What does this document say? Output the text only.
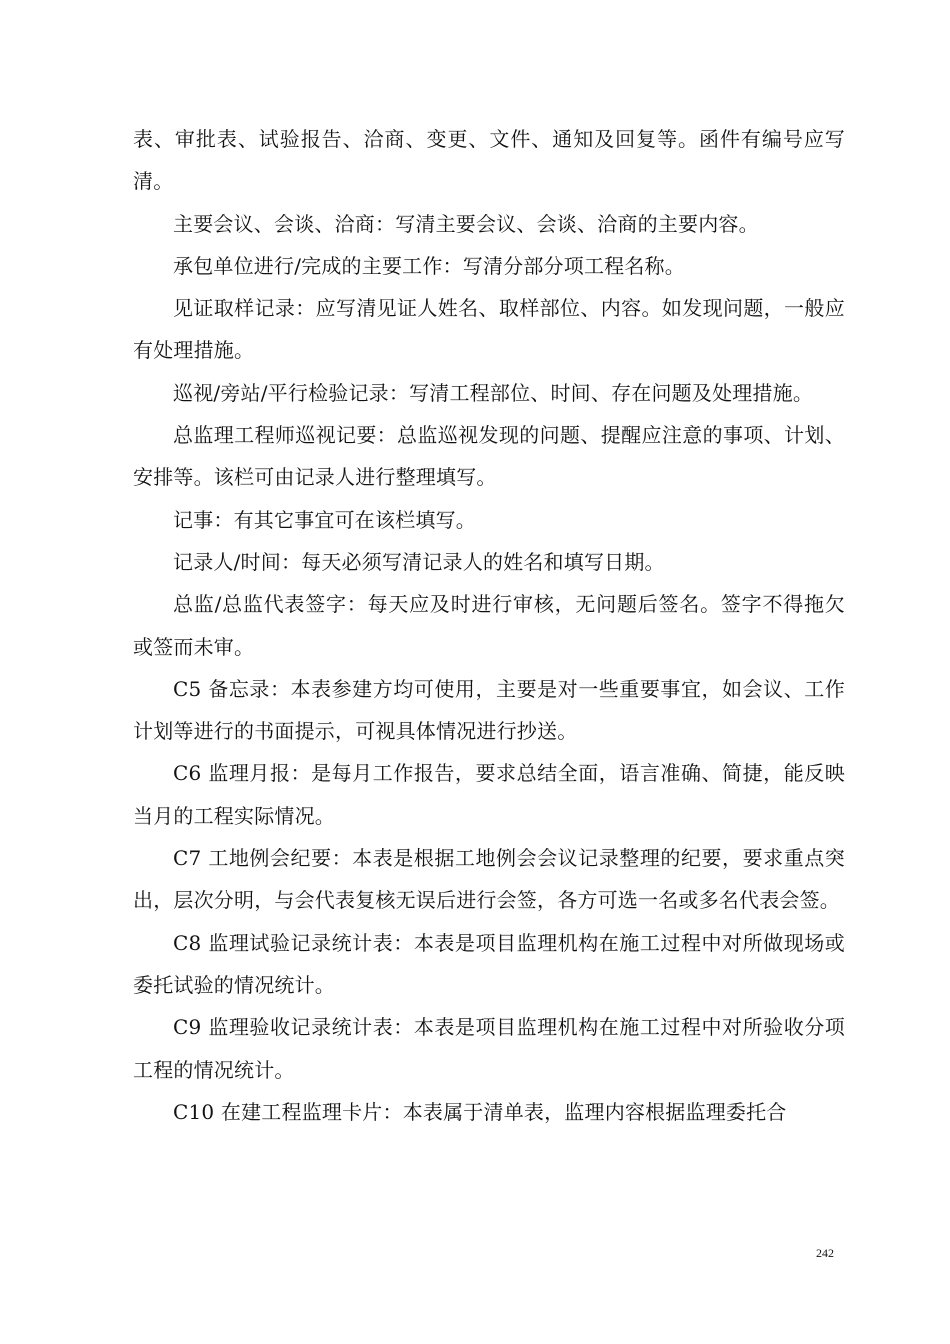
表、审批表、试验报告、洽商、变更、文件、通知及回复等。函件有编号应写清。

主要会议、会谈、洽商：写清主要会议、会谈、洽商的主要内容。

承包单位进行/完成的主要工作：写清分部分项工程名称。

见证取样记录：应写清见证人姓名、取样部位、内容。如发现问题，一般应有处理措施。

巡视/旁站/平行检验记录：写清工程部位、时间、存在问题及处理措施。

总监理工程师巡视记要：总监巡视发现的问题、提醒应注意的事项、计划、安排等。该栏可由记录人进行整理填写。

记事：有其它事宜可在该栏填写。

记录人/时间：每天必须写清记录人的姓名和填写日期。

总监/总监代表签字：每天应及时进行审核，无问题后签名。签字不得拖欠或签而未审。

C5 备忘录：本表参建方均可使用，主要是对一些重要事宜，如会议、工作计划等进行的书面提示，可视具体情况进行抄送。

C6 监理月报：是每月工作报告，要求总结全面，语言准确、简捷，能反映当月的工程实际情况。

C7 工地例会纪要：本表是根据工地例会会议记录整理的纪要，要求重点突出，层次分明，与会代表复核无误后进行会签，各方可选一名或多名代表会签。

C8 监理试验记录统计表：本表是项目监理机构在施工过程中对所做现场或委托试验的情况统计。

C9 监理验收记录统计表：本表是项目监理机构在施工过程中对所验收分项工程的情况统计。

C10 在建工程监理卡片：本表属于清单表，监理内容根据监理委托合

242
